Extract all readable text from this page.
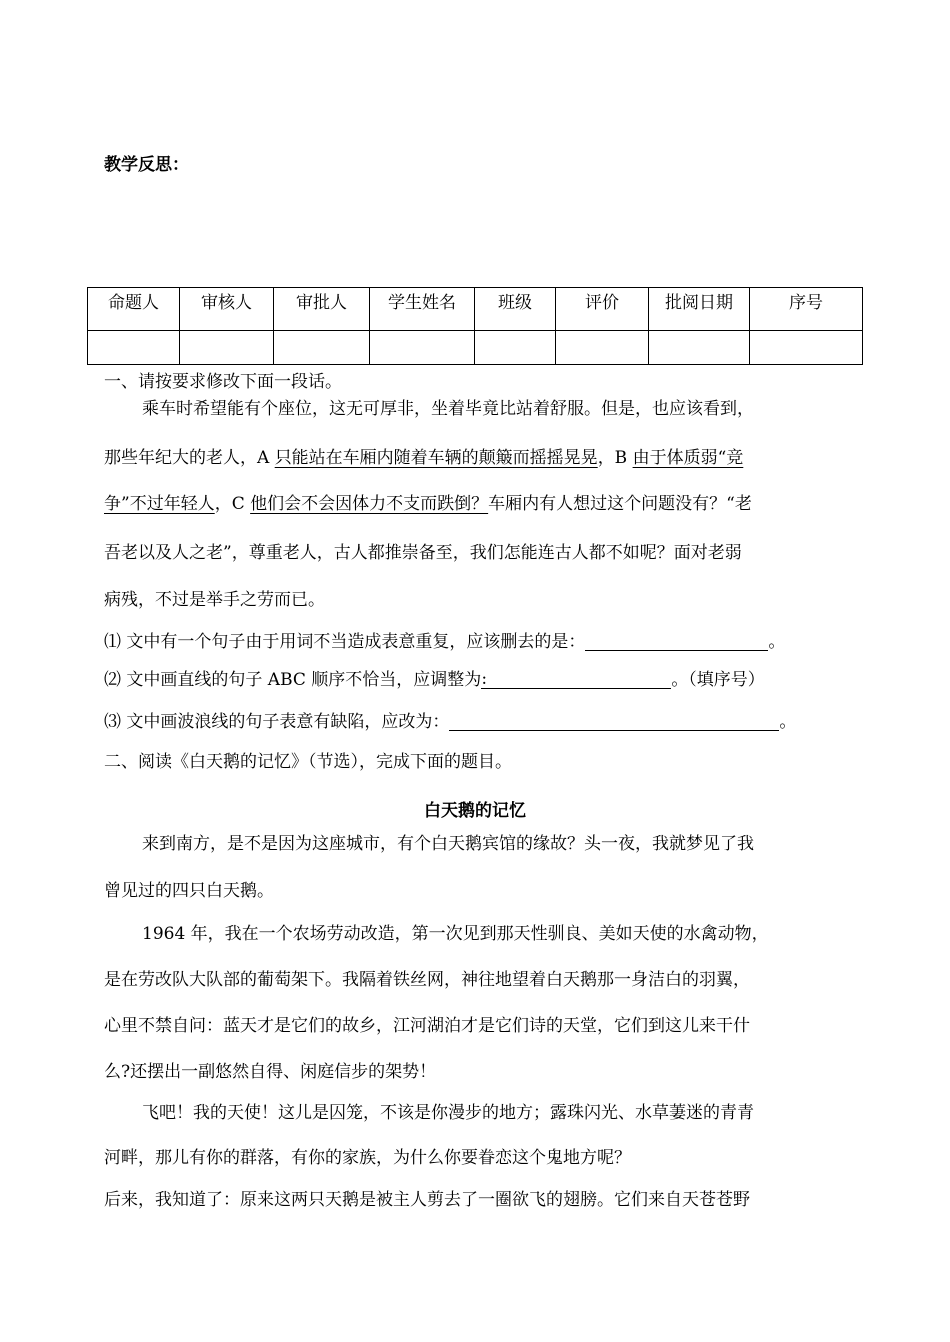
教学反思：
命题人	审核人	审批人	学生姓名	班级	评价	批阅日期	序号

一、请按要求修改下面一段话。
乘车时希望能有个座位，这无可厚非，坐着毕竟比站着舒服。但是，也应该看到，
那些年纪大的老人，A 只能站在车厢内随着车辆的颠簸而摇摇晃晃，B 由于体质弱“竞
争”不过年轻人，C 他们会不会因体力不支而跌倒？车厢内有人想过这个问题没有？“老
吾老以及人之老”，尊重老人，古人都推崇备至，我们怎能连古人都不如呢？面对老弱
病残，不过是举手之劳而已。
⑴ 文中有一个句子由于用词不当造成表意重复，应该删去的是：	。
⑵ 文中画直线的句子 ABC 顺序不恰当，应调整为:	。（填序号）
⑶ 文中画波浪线的句子表意有缺陷，应改为：	。
二、阅读《白天鹅的记忆》（节选），完成下面的题目。
白天鹅的记忆
来到南方，是不是因为这座城市，有个白天鹅宾馆的缘故？头一夜，我就梦见了我
曾见过的四只白天鹅。
1964 年，我在一个农场劳动改造，第一次见到那天性驯良、美如天使的水禽动物，
是在劳改队大队部的葡萄架下。我隔着铁丝网，神往地望着白天鹅那一身洁白的羽翼，
心里不禁自问：蓝天才是它们的故乡，江河湖泊才是它们诗的天堂，它们到这儿来干什
么?还摆出一副悠然自得、闲庭信步的架势！
飞吧！我的天使！这儿是囚笼，不该是你漫步的地方；露珠闪光、水草萋迷的青青
河畔，那儿有你的群落，有你的家族，为什么你要眷恋这个鬼地方呢？
后来，我知道了：原来这两只天鹅是被主人剪去了一圈欲飞的翅膀。它们来自天苍苍野
